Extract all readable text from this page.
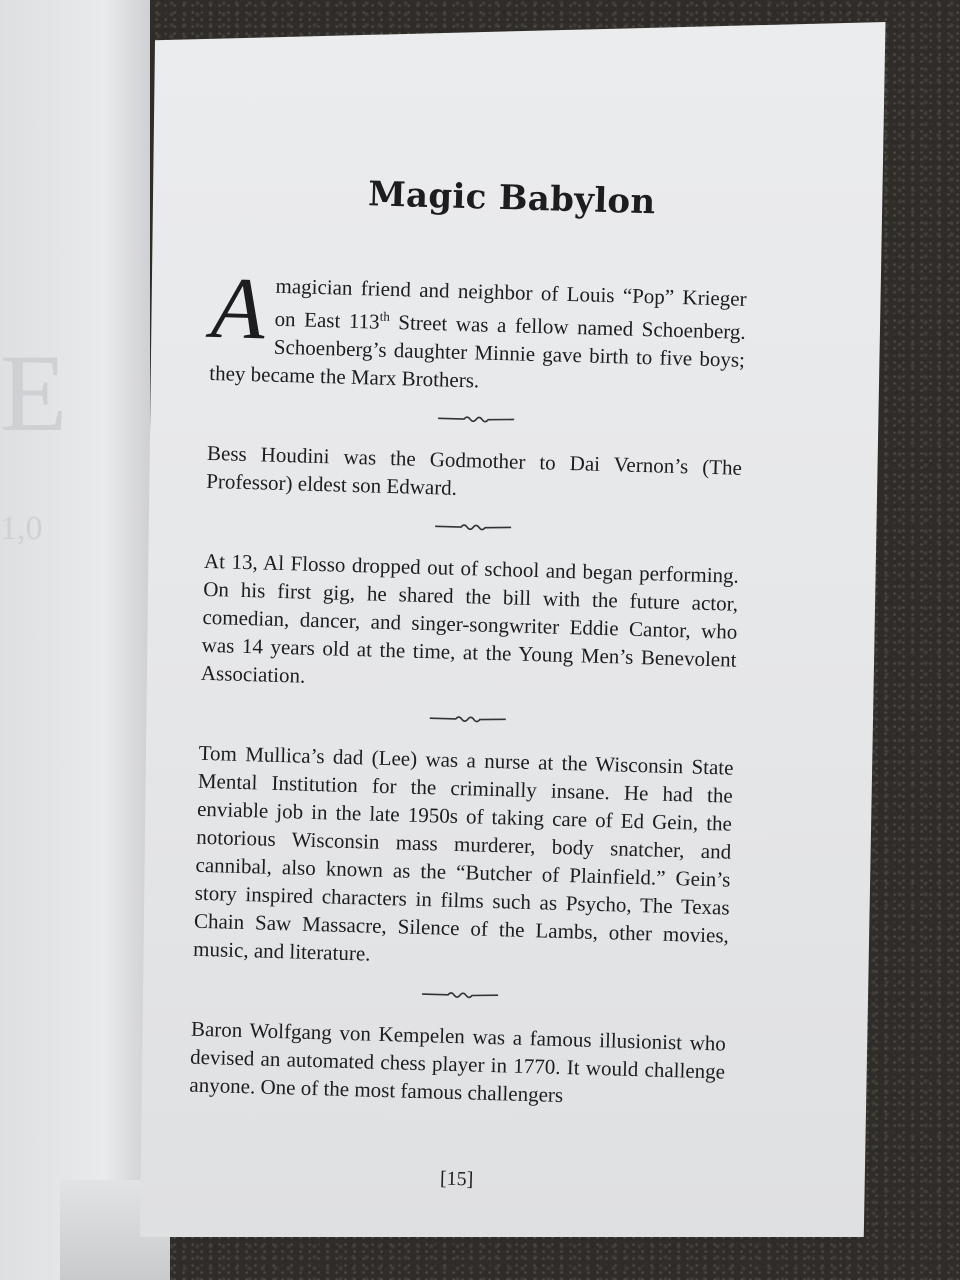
E
1,0
Magic Babylon

Amagician friend and neighbor of Louis “Pop” Krieger on East 113th Street was a fellow named Schoenberg. Schoenberg’s daughter Minnie gave birth to five boys; they became the Marx Brothers.

Bess Houdini was the Godmother to Dai Vernon’s (The Professor) eldest son Edward.

At 13, Al Flosso dropped out of school and began performing. On his first gig, he shared the bill with the future actor, comedian, dancer, and singer-songwriter Eddie Cantor, who was 14 years old at the time, at the Young Men’s Benevolent Association.

Tom Mullica’s dad (Lee) was a nurse at the Wisconsin State Mental Institution for the criminally insane. He had the enviable job in the late 1950s of taking care of Ed Gein, the notorious Wisconsin mass murderer, body snatcher, and cannibal, also known as the “Butcher of Plainfield.” Gein’s story inspired characters in films such as Psycho, The Texas Chain Saw Massacre, Silence of the Lambs, other movies, music, and literature.

Baron Wolfgang von Kempelen was a famous illusionist who devised an automated chess player in 1770. It would challenge anyone. One of the most famous challengers

[15]
